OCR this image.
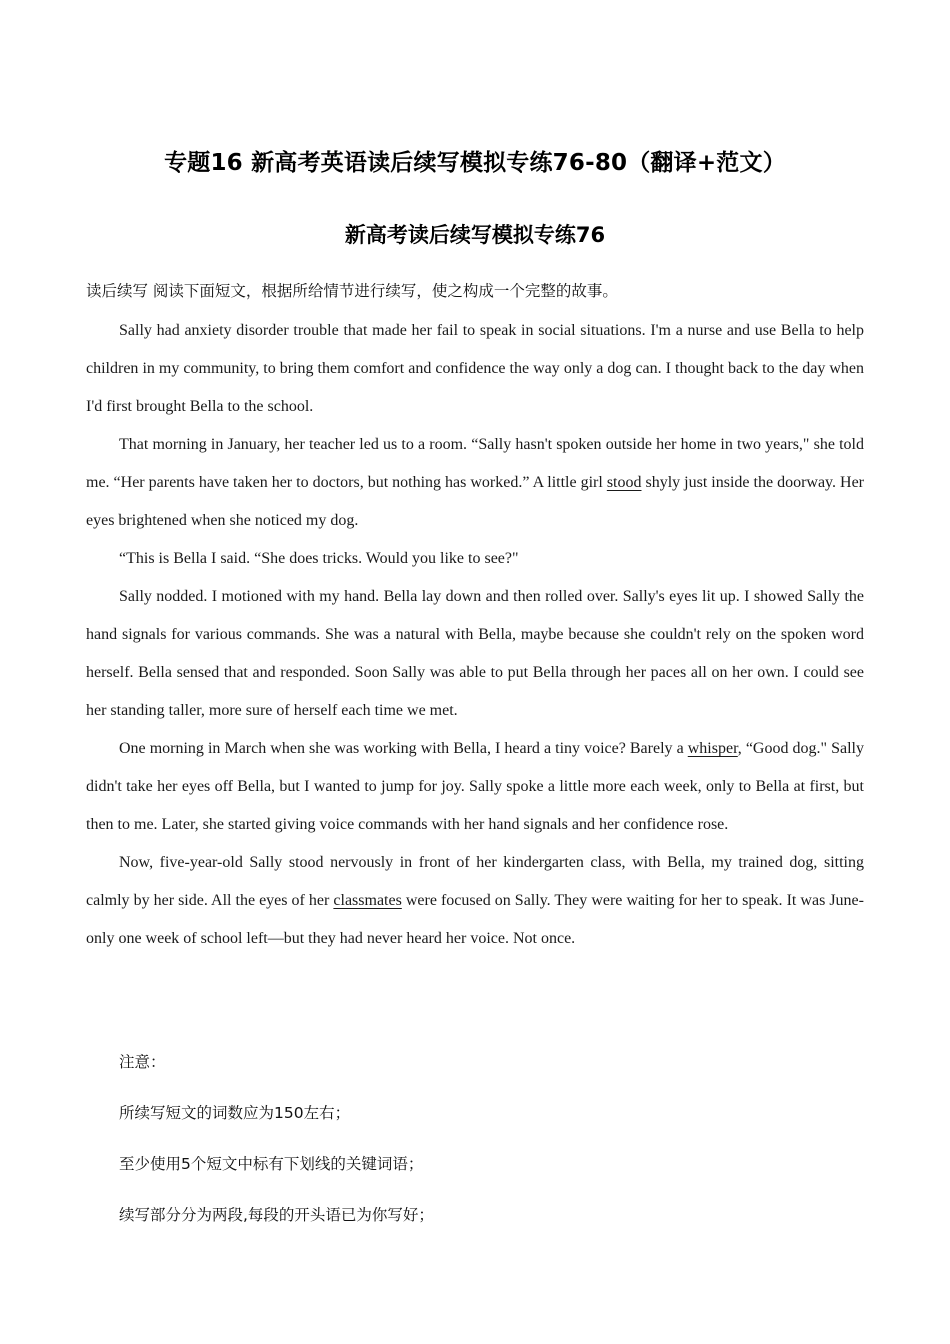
专题16 新高考英语读后续写模拟专练76-80（翻译+范文）
新高考读后续写模拟专练76
读后续写 阅读下面短文，根据所给情节进行续写，使之构成一个完整的故事。

Sally had anxiety disorder trouble that made her fail to speak in social situations. I'm a nurse and use Bella to help children in my community, to bring them comfort and confidence the way only a dog can. I thought back to the day when I'd first brought Bella to the school.

That morning in January, her teacher led us to a room. “Sally hasn't spoken outside her home in two years," she told me. “Her parents have taken her to doctors, but nothing has worked.” A little girl stood shyly just inside the doorway. Her eyes brightened when she noticed my dog.

“This is Bella I said. “She does tricks. Would you like to see?"

Sally nodded. I motioned with my hand. Bella lay down and then rolled over. Sally's eyes lit up. I showed Sally the hand signals for various commands. She was a natural with Bella, maybe because she couldn't rely on the spoken word herself. Bella sensed that and responded. Soon Sally was able to put Bella through her paces all on her own. I could see her standing taller, more sure of herself each time we met.

One morning in March when she was working with Bella, I heard a tiny voice? Barely a whisper, “Good dog." Sally didn't take her eyes off Bella, but I wanted to jump for joy. Sally spoke a little more each week, only to Bella at first, but then to me. Later, she started giving voice commands with her hand signals and her confidence rose.

Now, five-year-old Sally stood nervously in front of her kindergarten class, with Bella, my trained dog, sitting calmly by her side. All the eyes of her classmates were focused on Sally. They were waiting for her to speak. It was June-only one week of school left—but they had never heard her voice. Not once.

注意：
所续写短文的词数应为150左右；
至少使用5个短文中标有下划线的关键词语；
续写部分分为两段,每段的开头语已为你写好；
